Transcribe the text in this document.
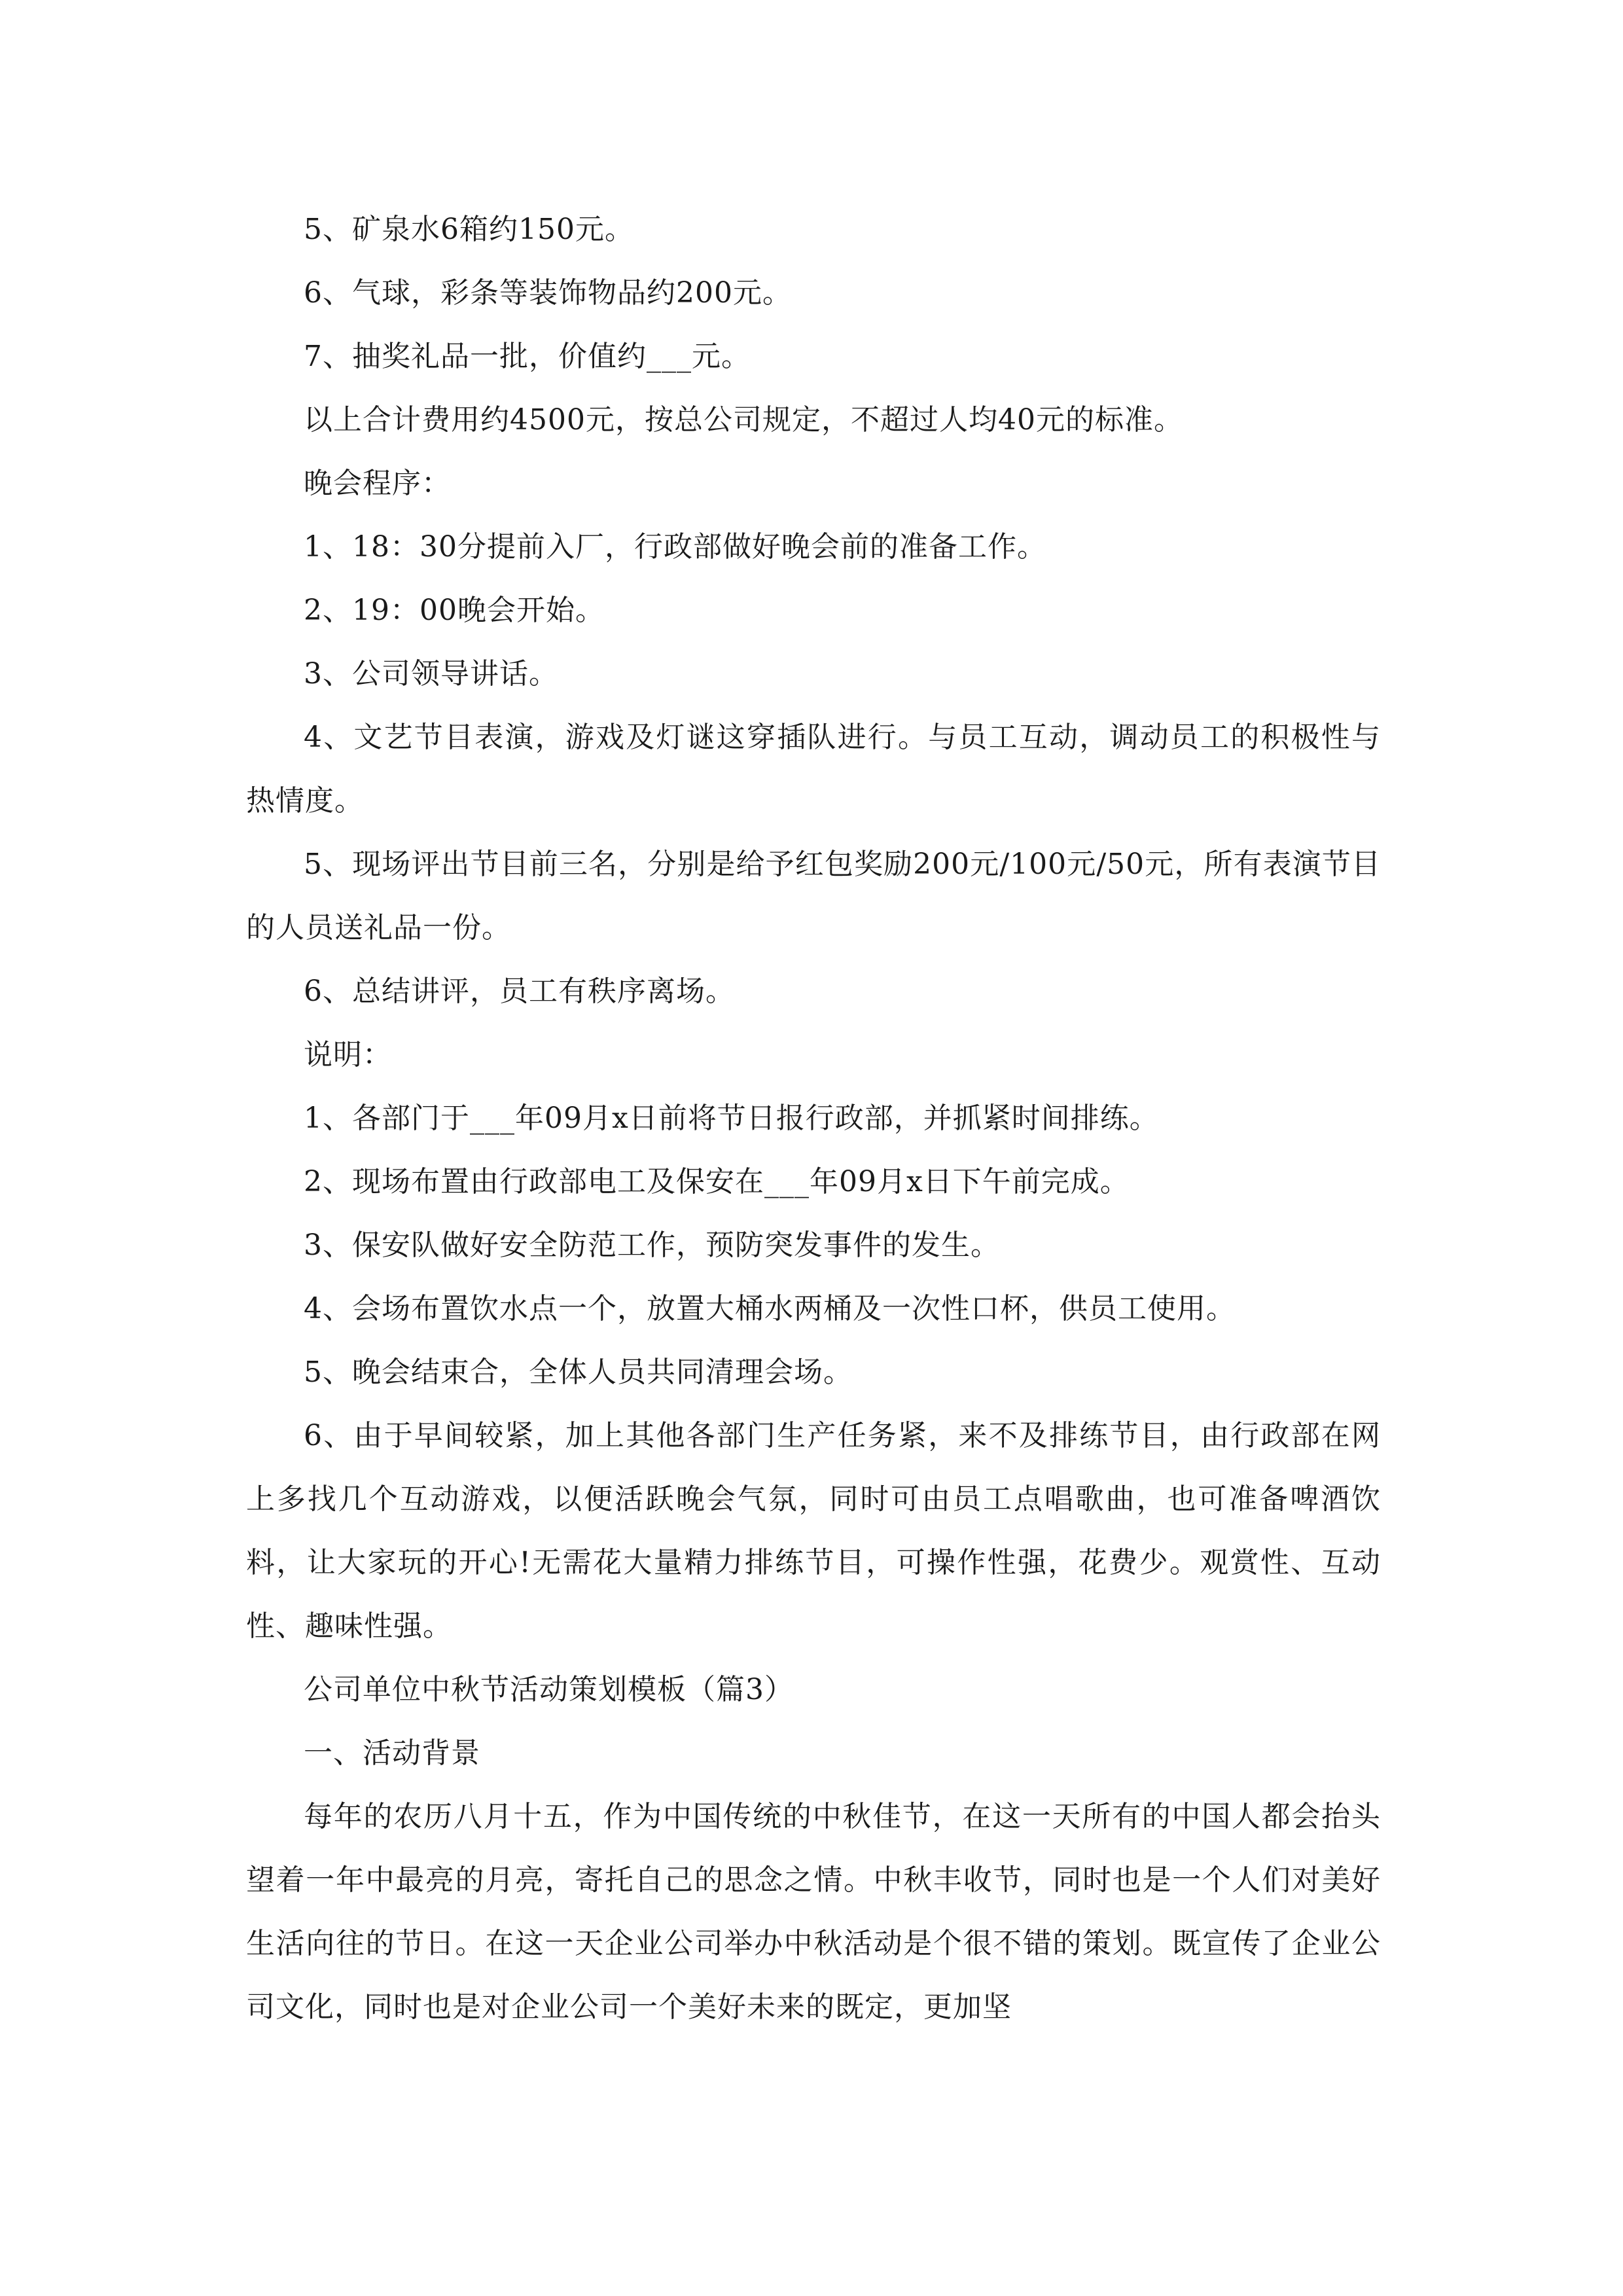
5、矿泉水6箱约150元。

6、气球，彩条等装饰物品约200元。

7、抽奖礼品一批，价值约___元。

以上合计费用约4500元，按总公司规定，不超过人均40元的标准。

晚会程序：

1、18：30分提前入厂，行政部做好晚会前的准备工作。

2、19：00晚会开始。

3、公司领导讲话。

4、文艺节目表演，游戏及灯谜这穿插队进行。与员工互动，调动员工的积极性与热情度。

5、现场评出节目前三名，分别是给予红包奖励200元/100元/50元，所有表演节目的人员送礼品一份。

6、总结讲评，员工有秩序离场。

说明：

1、各部门于___年09月x日前将节日报行政部，并抓紧时间排练。

2、现场布置由行政部电工及保安在___年09月x日下午前完成。

3、保安队做好安全防范工作，预防突发事件的发生。

4、会场布置饮水点一个，放置大桶水两桶及一次性口杯，供员工使用。

5、晚会结束合，全体人员共同清理会场。

6、由于早间较紧，加上其他各部门生产任务紧，来不及排练节目，由行政部在网上多找几个互动游戏，以便活跃晚会气氛，同时可由员工点唱歌曲，也可准备啤酒饮料，让大家玩的开心!无需花大量精力排练节目，可操作性强，花费少。观赏性、互动性、趣味性强。

公司单位中秋节活动策划模板（篇3）

一、活动背景

每年的农历八月十五，作为中国传统的中秋佳节，在这一天所有的中国人都会抬头望着一年中最亮的月亮，寄托自己的思念之情。中秋丰收节，同时也是一个人们对美好生活向往的节日。在这一天企业公司举办中秋活动是个很不错的策划。既宣传了企业公司文化，同时也是对企业公司一个美好未来的既定，更加坚
